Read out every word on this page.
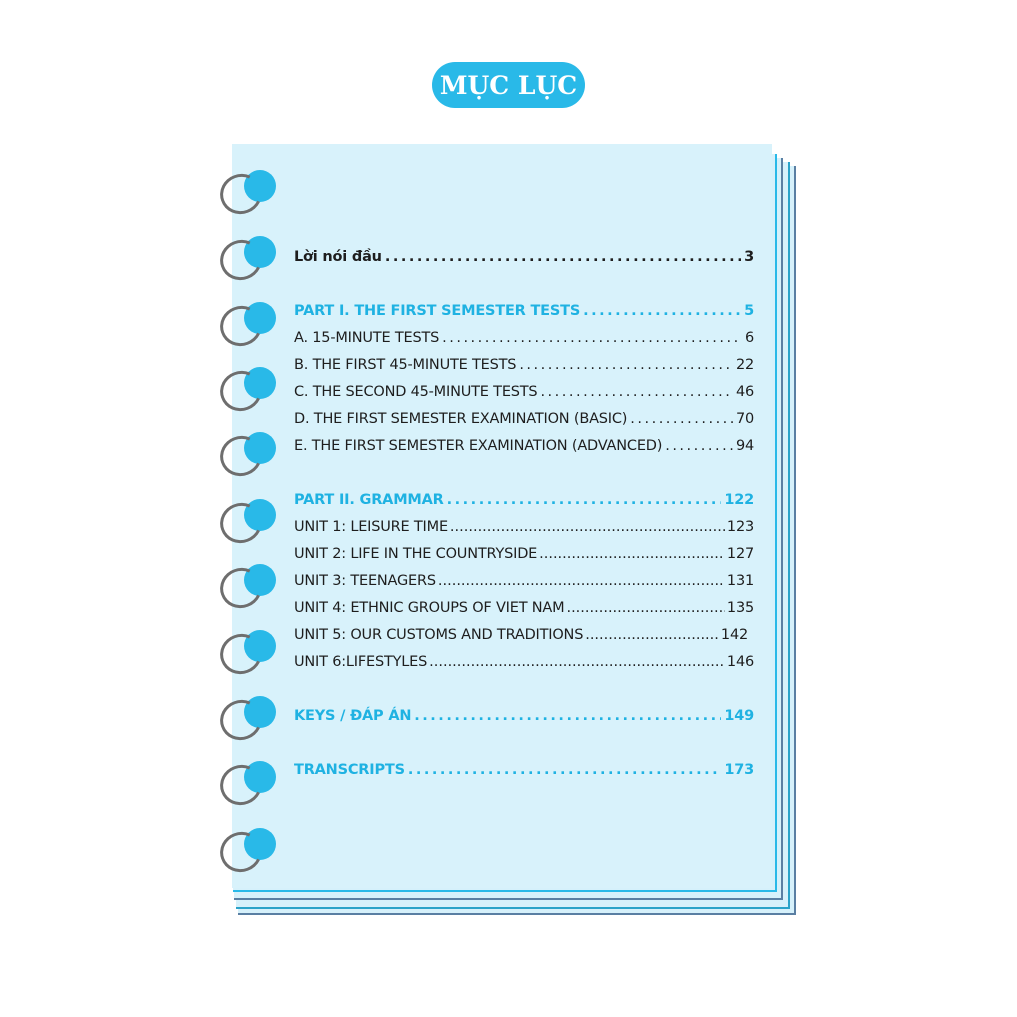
MỤC LỤC
Lời nói đầu .....	3
PART I. THE FIRST SEMESTER TESTS .....	5
A. 15-MINUTE TESTS .....	6
B. THE FIRST 45-MINUTE TESTS .....	22
C. THE SECOND 45-MINUTE TESTS .....	46
D. THE FIRST SEMESTER EXAMINATION (BASIC) .....	70
E. THE FIRST SEMESTER EXAMINATION (ADVANCED) .....	94
PART II. GRAMMAR .....	122
UNIT 1: LEISURE TIME .....	123
UNIT 2: LIFE IN THE COUNTRYSIDE .....	127
UNIT 3: TEENAGERS .....	131
UNIT 4: ETHNIC GROUPS OF VIET NAM .....	135
UNIT 5: OUR CUSTOMS AND TRADITIONS .....	142
UNIT 6:LIFESTYLES .....	146
KEYS / ĐÁP ÁN .....	149
TRANSCRIPTS .....	173
